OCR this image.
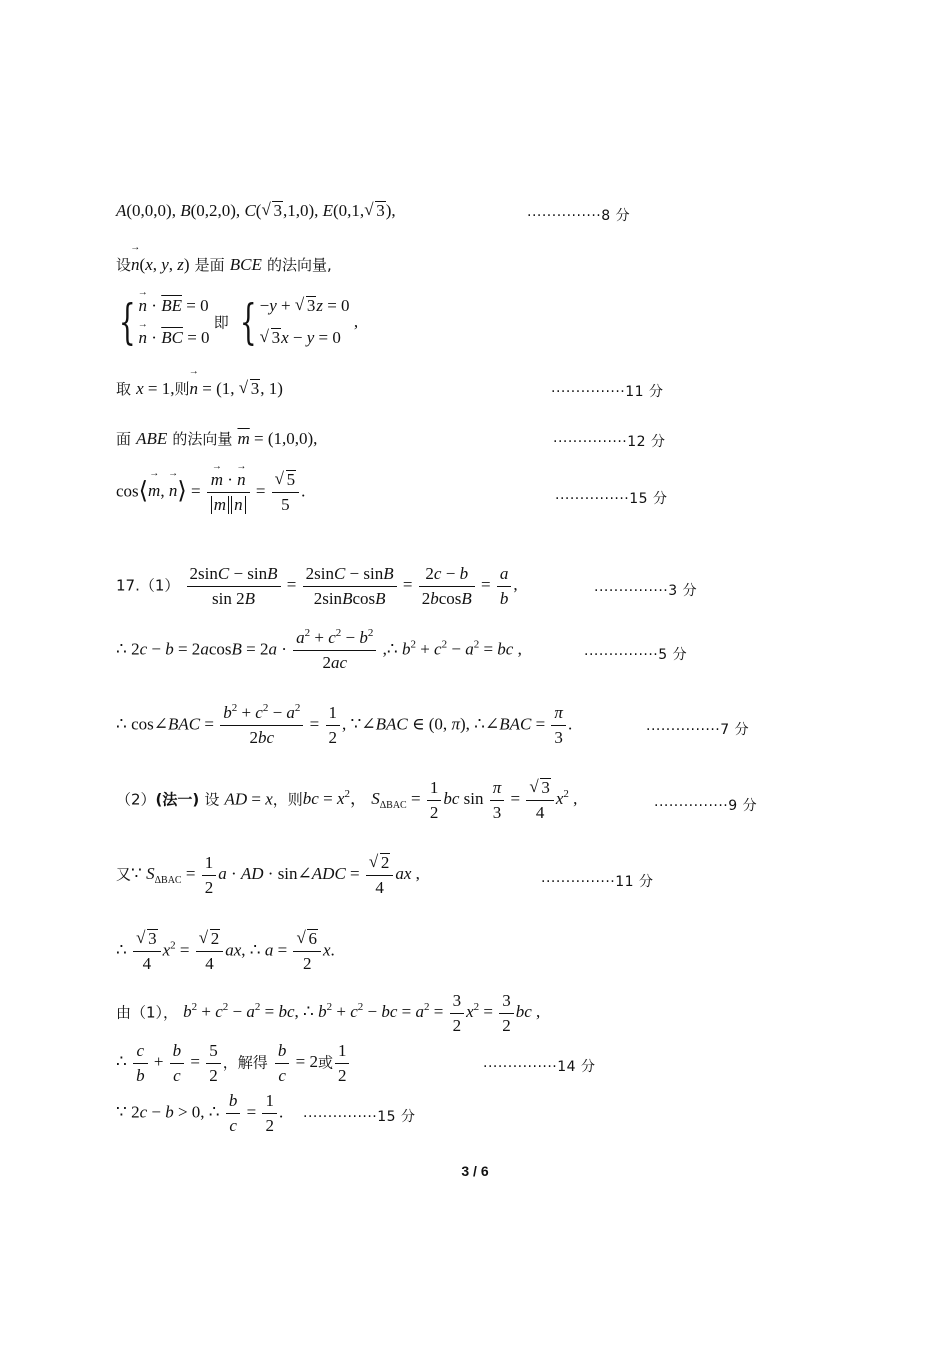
A(0,0,0), B(0,2,0), C( √ 3,1,0), E(0,1, √ 3),	···············8 分
设→ n(x, y, z) 是面 BCE 的法向量,
{ → $n \cdot \overline{BE} = 0$
→ $n \cdot \overline{BC} = 0$
即 { −y + √ 3z = 0
√ 3x − y = 0
,
取 x = 1,则→ n = (1, √ 3, 1)	···············11 分
面 ABE 的法向量 $\overline{m} = (1,0,0)$,	···············12 分
cos⟨→ m, → n⟩ = → $\frac{m \cdot \to n}{\text{m n}}$ = √ $\frac{5}{5}$ .	···············15 分
$17.(1) \frac{2\sin C - \sin B}{\sin 2B} = \frac{2\sin C - \sin B}{\text{2sinBcosB}} = \frac{2c - b}{2bcosB} = \frac{a}{b}$ ,	···············3 分
∴ $2c - b = 2acosB = 2a \cdot \frac{a^2 + c^2 - b^2}{2ac}$ ,∴ $b^2 + c^2 - a^2$ = bc ,	···············5 分
∴ cos∠BAC = $\frac{b^2 + c^2 - a^2}{2bc} = \frac{1}{2}$ , ∵∠BAC ∈ (0, π), ∴∠BAC = $\frac{\pi}{3}$ .	···············7 分
（2）(法一) 设 AD = x，则bc = $x^2$， $S_{\Delta BAC} = \frac{1}{2}$ bc $\sin \frac{\pi}{3}$ = √ $\frac{3}{4} x^2$ ,	···············9 分
又∵ $S_{\Delta BAC} = \frac{1}{2}$ a · AD · sin∠ADC = √ $\frac{2}{4}$ ax ,	···············11 分
∴ √ $\frac{3}{4} x^2$ = √ $\frac{2}{4}$ ax, ∴ a = √ $\frac{6}{2} x$.
由（1）， $b^2 + c^2 - a^2$ = bc, ∴ $b^2 + c^2$ − bc = $a^2 = \frac{3}{2} x^2 = \frac{3}{2}$ bc ,
∴ $\frac{c}{b} + \frac{b}{c} = \frac{5}{2}$ ，解得 $\frac{b}{c} = 2$或 $\frac{1}{2}$	···············14 分
∵ 2c − b > 0, ∴ $\frac{b}{c} = \frac{1}{2}$ . ···············15 分
3 / 6
